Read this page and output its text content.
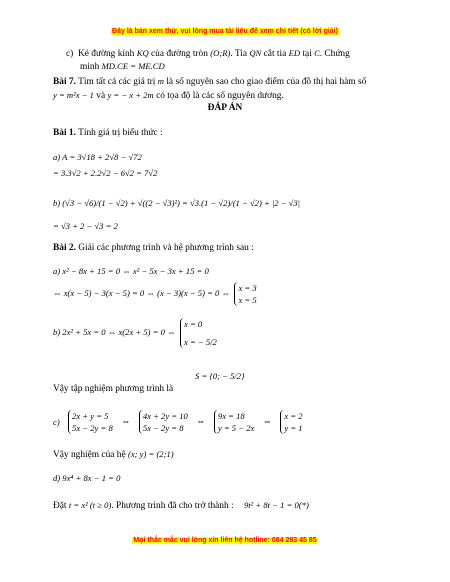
Đây là bản xem thử, vui lòng mua tài liệu để xem chi tiết (có lời giải)
c) Kẻ đường kính KQ của đường tròn (O;R). Tia QN cắt tia ED tại C. Chứng
minh MD.CE = ME.CD
Bài 7. Tìm tất cả các giá trị m là số nguyên sao cho giao điểm của đồ thị hai hàm số
y = m²x − 1 và y = − x + 2m có tọa độ là các số nguyên dương.
ĐÁP ÁN
Bài 1. Tính giá trị biểu thức :
a) A = 3√18 + 2√8 − √72
= 3.3√2 + 2.2√2 − 6√2 = 7√2
b) (√3 − √6)/(1 − √2) + √((2 − √3)²) = √3.(1 − √2)/(1 − √2) + |2 − √3|
= √3 + 2 − √3 = 2
Bài 2. Giải các phương trình và hệ phương trình sau :
a) x² − 8x + 15 = 0 ⇔ x² − 5x − 3x + 15 = 0
⇔ x(x − 5) − 3(x − 5) = 0 ⇔ (x − 3)(x − 5) = 0 ⇔
x = 3
x = 5
b) 2x² + 5x = 0 ⇔ x(2x + 5) = 0 ⇔
x = 0
x = − 5/2
S = {0; − 5/2}
Vậy tập nghiệm phương trình là
c)
2x + y = 5
5x − 2y = 8
⇔
4x + 2y = 10
5x − 2y = 8
⇔
9x = 18
y = 5 − 2x
⇔
x = 2
y = 1
Vậy nghiệm của hệ (x; y) = (2;1)
d) 9x⁴ + 8x − 1 = 0
Đặt t = x² (t ≥ 0). Phương trình đã cho trở thành : 9t² + 8t − 1 = 0(*)
Mọi thắc mắc vui lòng xin liên hệ hotline: 084 283 45 85
